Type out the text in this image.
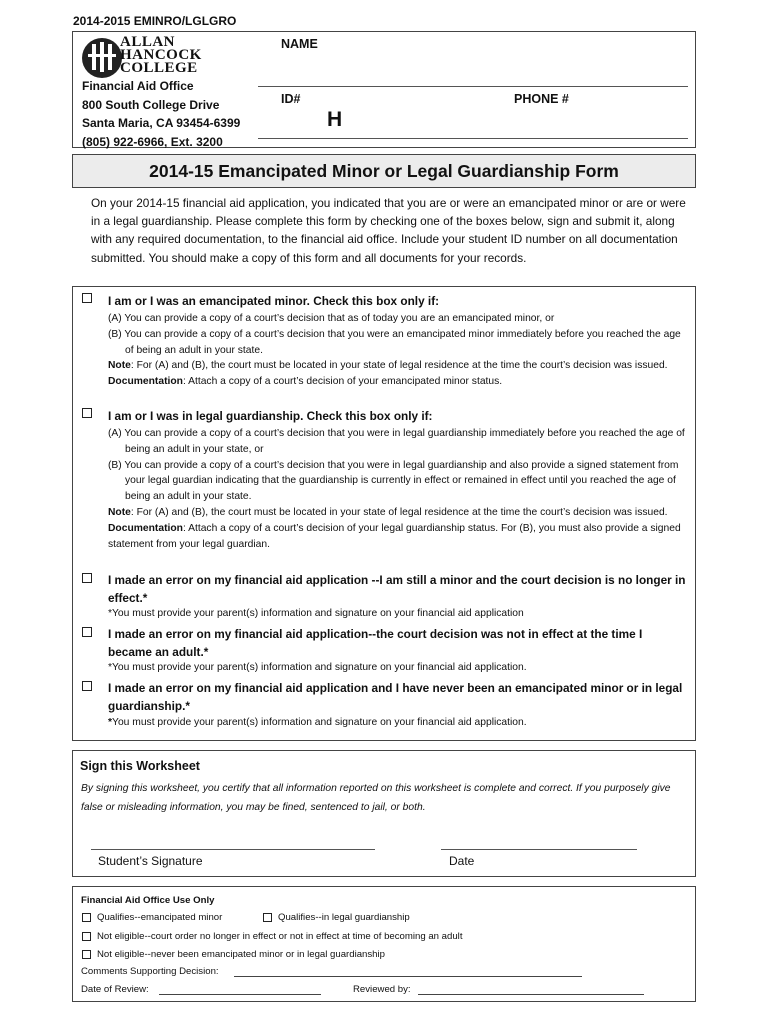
2014-2015 EMINRO/LGLGRO
ALLAN
HANCOCK
COLLEGE
Financial Aid Office
800 South College Drive
Santa Maria, CA 93454-6399
(805) 922-6966, Ext. 3200
NAME
ID#	PHONE #
H
2014-15 Emancipated Minor or Legal Guardianship Form
On your 2014-15 financial aid application, you indicated that you are or were an emancipated minor or are or were in a legal guardianship. Please complete this form by checking one of the boxes below, sign and submit it, along with any required documentation, to the financial aid office. Include your student ID number on all documentation submitted. You should make a copy of this form and all documents for your records.
I am or I was an emancipated minor. Check this box only if:
(A) You can provide a copy of a court’s decision that as of today you are an emancipated minor, or
(B) You can provide a copy of a court’s decision that you were an emancipated minor immediately before you reached the age of being an adult in your state.
Note: For (A) and (B), the court must be located in your state of legal residence at the time the court’s decision was issued.
Documentation: Attach a copy of a court’s decision of your emancipated minor status.
I am or I was in legal guardianship. Check this box only if:
(A) You can provide a copy of a court’s decision that you were in legal guardianship immediately before you reached the age of being an adult in your state, or
(B) You can provide a copy of a court’s decision that you were in legal guardianship and also provide a signed statement from your legal guardian indicating that the guardianship is currently in effect or remained in effect until you reached the age of being an adult in your state.
Note: For (A) and (B), the court must be located in your state of legal residence at the time the court’s decision was issued.
Documentation: Attach a copy of a court’s decision of your legal guardianship status. For (B), you must also provide a signed statement from your legal guardian.
I made an error on my financial aid application --I am still a minor and the court decision is no longer in effect.*
*You must provide your parent(s) information and signature on your financial aid application
I made an error on my financial aid application--the court decision was not in effect at the time I became an adult.*
*You must provide your parent(s) information and signature on your financial aid application.
I made an error on my financial aid application and I have never been an emancipated minor or in legal guardianship.*
*You must provide your parent(s) information and signature on your financial aid application.
Sign this Worksheet
By signing this worksheet, you certify that all information reported on this worksheet is complete and correct. If you purposely give false or misleading information, you may be fined, sentenced to jail, or both.
Student’s Signature	Date
Financial Aid Office Use Only
Qualifies--emancipated minor	Qualifies--in legal guardianship
Not eligible--court order no longer in effect or not in effect at time of becoming an adult
Not eligible--never been emancipated minor or in legal guardianship
Comments Supporting Decision:
Date of Review:	Reviewed by:
